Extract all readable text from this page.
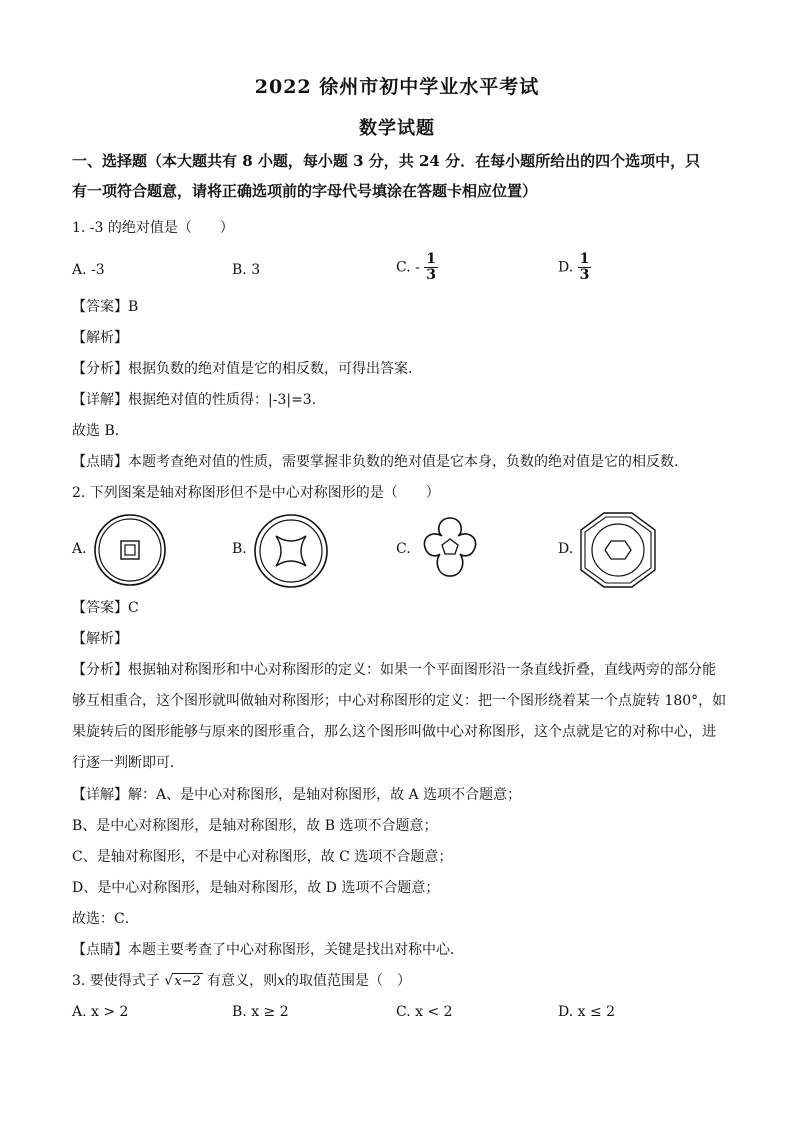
2022 徐州市初中学业水平考试
数学试题
一、选择题（本大题共有 8 小题，每小题 3 分，共 24 分．在每小题所给出的四个选项中，只
有一项符合题意，请将正确选项前的字母代号填涂在答题卡相应位置）
1. -3 的绝对值是（　　）
A. -3	B. 3	C. - $\frac{1}{3}$	D. $\frac{1}{3}$
【答案】B
【解析】
【分析】根据负数的绝对值是它的相反数，可得出答案.
【详解】根据绝对值的性质得：|-3|=3.
故选 B．
【点睛】本题考查绝对值的性质，需要掌握非负数的绝对值是它本身，负数的绝对值是它的相反数.
2. 下列图案是轴对称图形但不是中心对称图形的是（　　）
A.	B.	C.	D.
【答案】C
【解析】
【分析】根据轴对称图形和中心对称图形的定义：如果一个平面图形沿一条直线折叠，直线两旁的部分能
够互相重合，这个图形就叫做轴对称图形；中心对称图形的定义：把一个图形绕着某一个点旋转 180°，如
果旋转后的图形能够与原来的图形重合，那么这个图形叫做中心对称图形，这个点就是它的对称中心，进
行逐一判断即可．
【详解】解：A、是中心对称图形，是轴对称图形，故 A 选项不合题意；
B、是中心对称图形，是轴对称图形，故 B 选项不合题意；
C、是轴对称图形，不是中心对称图形，故 C 选项不合题意；
D、是中心对称图形，是轴对称图形，故 D 选项不合题意；
故选：C．
【点睛】本题主要考查了中心对称图形，关键是找出对称中心．
3. 要使得式子 √x−2 有意义，则x的取值范围是（　）
A. x > 2	B. x ≥ 2	C. x < 2	D. x ≤ 2
